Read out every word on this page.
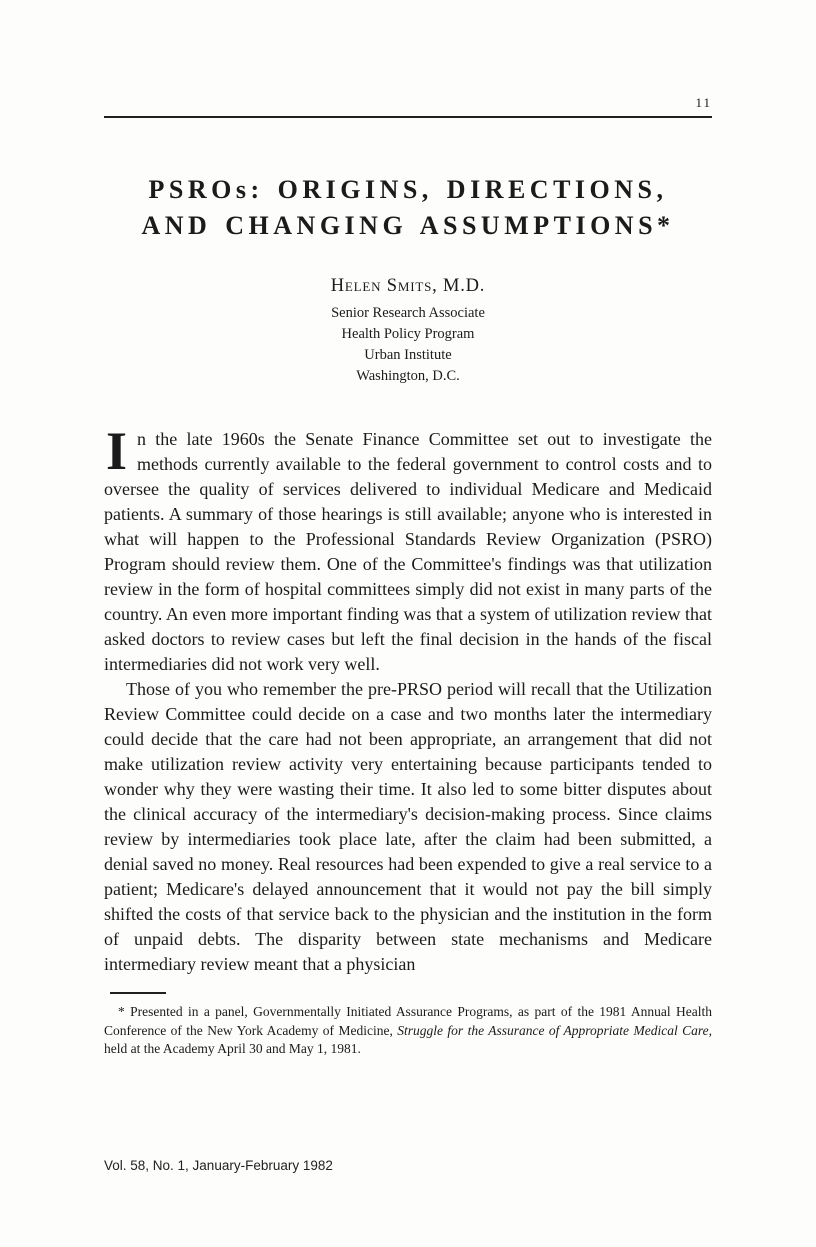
11
PSROs: ORIGINS, DIRECTIONS,
AND CHANGING ASSUMPTIONS*
Helen Smits, M.D.
Senior Research Associate
Health Policy Program
Urban Institute
Washington, D.C.

In the late 1960s the Senate Finance Committee set out to investigate the methods currently available to the federal government to control costs and to oversee the quality of services delivered to individual Medicare and Medicaid patients. A summary of those hearings is still available; anyone who is interested in what will happen to the Professional Standards Review Organization (PSRO) Program should review them. One of the Committee's findings was that utilization review in the form of hospital committees simply did not exist in many parts of the country. An even more important finding was that a system of utilization review that asked doctors to review cases but left the final decision in the hands of the fiscal intermediaries did not work very well.

Those of you who remember the pre-PRSO period will recall that the Utilization Review Committee could decide on a case and two months later the intermediary could decide that the care had not been appropriate, an arrangement that did not make utilization review activity very entertaining because participants tended to wonder why they were wasting their time. It also led to some bitter disputes about the clinical accuracy of the intermediary's decision-making process. Since claims review by intermediaries took place late, after the claim had been submitted, a denial saved no money. Real resources had been expended to give a real service to a patient; Medicare's delayed announcement that it would not pay the bill simply shifted the costs of that service back to the physician and the institution in the form of unpaid debts. The disparity between state mechanisms and Medicare intermediary review meant that a physician

* Presented in a panel, Governmentally Initiated Assurance Programs, as part of the 1981 Annual Health Conference of the New York Academy of Medicine, Struggle for the Assurance of Appropriate Medical Care, held at the Academy April 30 and May 1, 1981.
Vol. 58, No. 1, January-February 1982
